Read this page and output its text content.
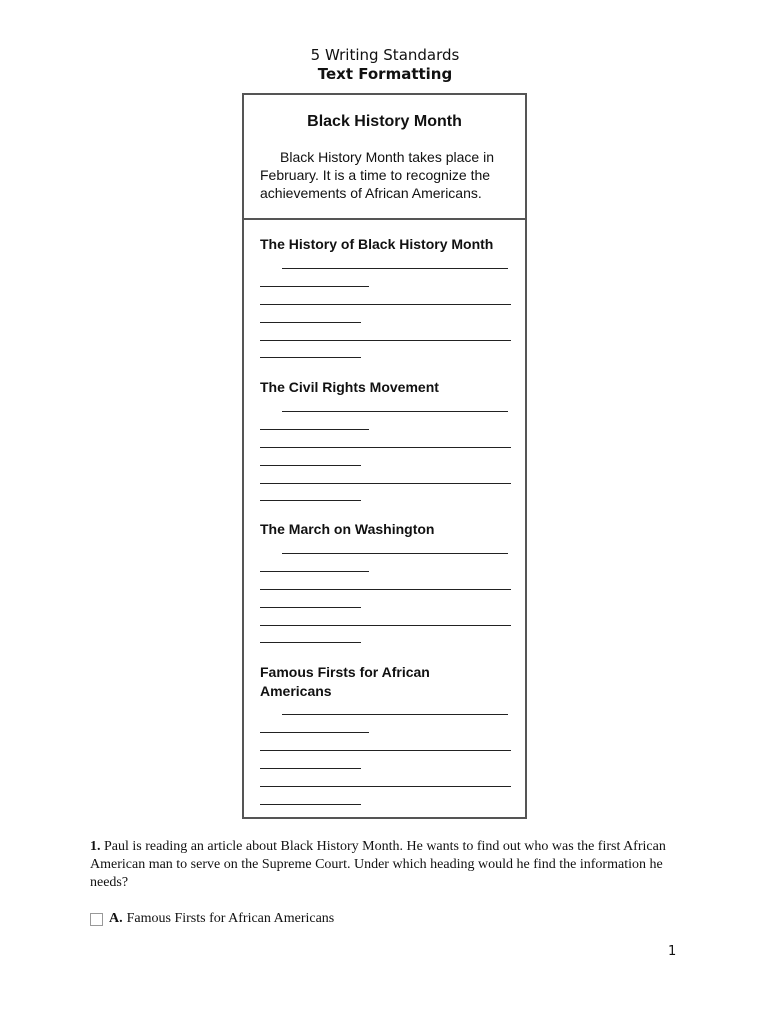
5 Writing Standards
Text Formatting
Black History Month
Black History Month takes place in February. It is a time to recognize the achievements of African Americans.
The History of Black History Month
The Civil Rights Movement
The March on Washington
Famous Firsts for African Americans
1. Paul is reading an article about Black History Month. He wants to find out who was the first African American man to serve on the Supreme Court. Under which heading would he find the information he needs?
A. Famous Firsts for African Americans
1
